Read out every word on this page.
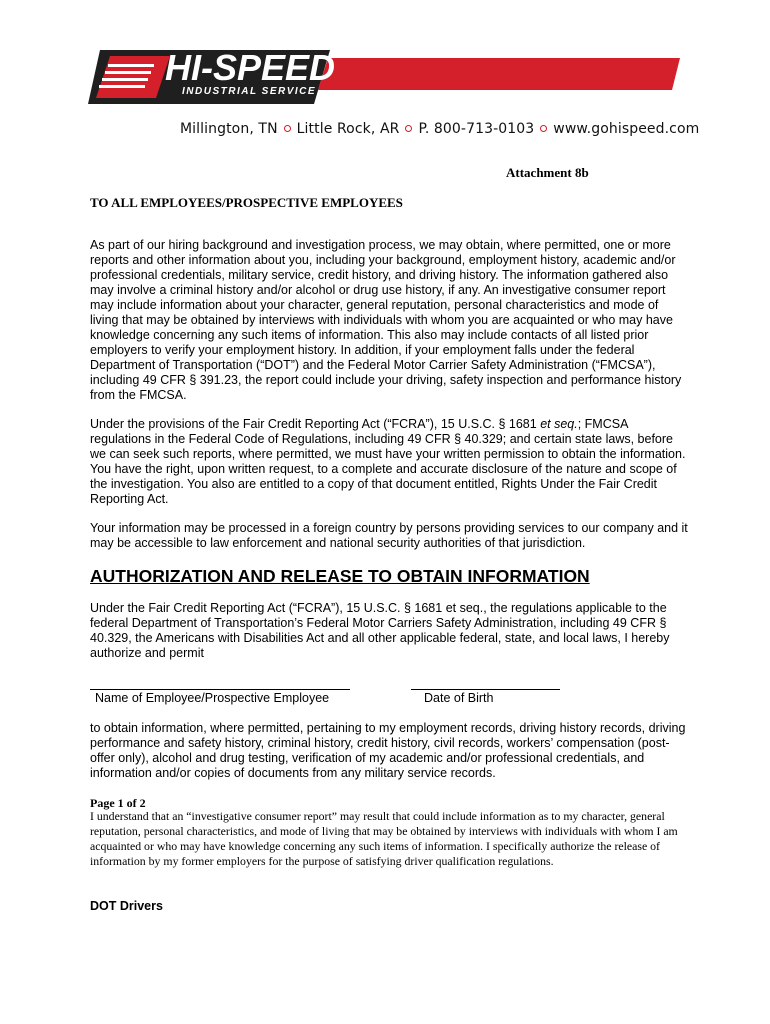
HI-SPEED
INDUSTRIAL SERVICE
Millington, TN Little Rock, AR P. 800-713-0103 www.gohispeed.com
Attachment 8b
TO ALL EMPLOYEES/PROSPECTIVE EMPLOYEES
As part of our hiring background and investigation process, we may obtain, where permitted, one or more reports and other information about you, including your background, employment history, academic and/or professional credentials, military service, credit history, and driving history. The information gathered also may involve a criminal history and/or alcohol or drug use history, if any. An investigative consumer report may include information about your character, general reputation, personal characteristics and mode of living that may be obtained by interviews with individuals with whom you are acquainted or who may have knowledge concerning any such items of information. This also may include contacts of all listed prior employers to verify your employment history. In addition, if your employment falls under the federal Department of Transportation (“DOT”) and the Federal Motor Carrier Safety Administration (“FMCSA”), including 49 CFR § 391.23, the report could include your driving, safety inspection and performance history from the FMCSA.
Under the provisions of the Fair Credit Reporting Act (“FCRA”), 15 U.S.C. § 1681 et seq.; FMCSA regulations in the Federal Code of Regulations, including 49 CFR § 40.329; and certain state laws, before we can seek such reports, where permitted, we must have your written permission to obtain the information. You have the right, upon written request, to a complete and accurate disclosure of the nature and scope of the investigation. You also are entitled to a copy of that document entitled, Rights Under the Fair Credit Reporting Act.
Your information may be processed in a foreign country by persons providing services to our company and it may be accessible to law enforcement and national security authorities of that jurisdiction.
AUTHORIZATION AND RELEASE TO OBTAIN INFORMATION
Under the Fair Credit Reporting Act (“FCRA”), 15 U.S.C. § 1681 et seq., the regulations applicable to the federal Department of Transportation’s Federal Motor Carriers Safety Administration, including 49 CFR § 40.329, the Americans with Disabilities Act and all other applicable federal, state, and local laws, I hereby authorize and permit
Name of Employee/Prospective Employee	Date of Birth
to obtain information, where permitted, pertaining to my employment records, driving history records, driving performance and safety history, criminal history, credit history, civil records, workers’ compensation (post-offer only), alcohol and drug testing, verification of my academic and/or professional credentials, and information and/or copies of documents from any military service records.
Page 1 of 2
I understand that an “investigative consumer report” may result that could include information as to my character, general reputation, personal characteristics, and mode of living that may be obtained by interviews with individuals with whom I am acquainted or who may have knowledge concerning any such items of information. I specifically authorize the release of information by my former employers for the purpose of satisfying driver qualification regulations.
DOT Drivers
